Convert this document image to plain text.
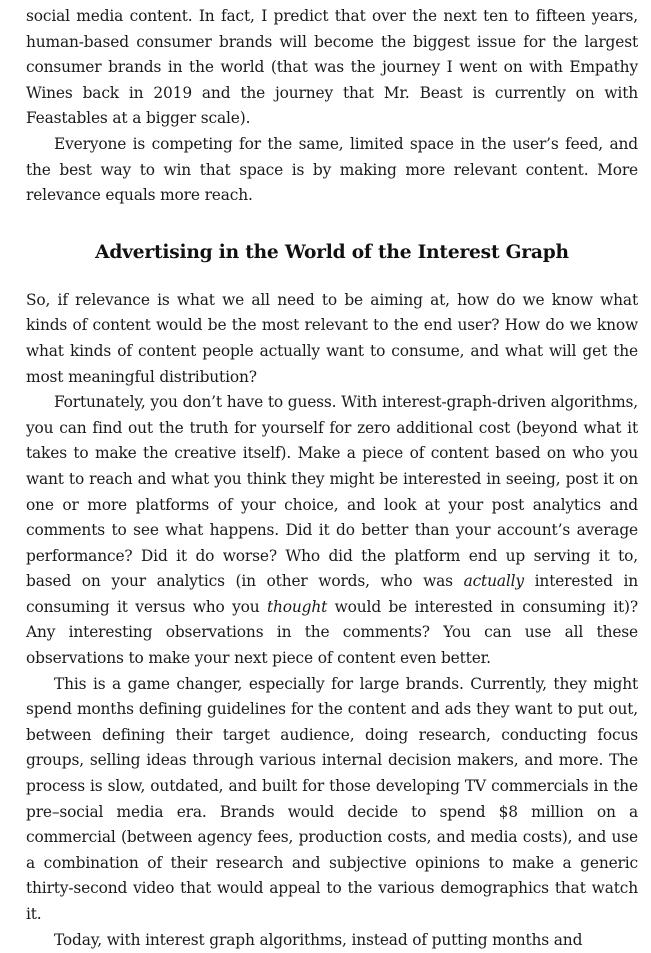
social media content. In fact, I predict that over the next ten to fifteen years, human-based consumer brands will become the biggest issue for the largest consumer brands in the world (that was the journey I went on with Empathy Wines back in 2019 and the journey that Mr. Beast is currently on with Feastables at a bigger scale).

Everyone is competing for the same, limited space in the user’s feed, and the best way to win that space is by making more relevant content. More relevance equals more reach.

Advertising in the World of the Interest Graph

So, if relevance is what we all need to be aiming at, how do we know what kinds of content would be the most relevant to the end user? How do we know what kinds of content people actually want to consume, and what will get the most meaningful distribution?

Fortunately, you don’t have to guess. With interest-graph-driven algorithms, you can find out the truth for yourself for zero additional cost (beyond what it takes to make the creative itself). Make a piece of content based on who you want to reach and what you think they might be interested in seeing, post it on one or more platforms of your choice, and look at your post analytics and comments to see what happens. Did it do better than your account’s average performance? Did it do worse? Who did the platform end up serving it to, based on your analytics (in other words, who was actually interested in consuming it versus who you thought would be interested in consuming it)? Any interesting observations in the comments? You can use all these observations to make your next piece of content even better.

This is a game changer, especially for large brands. Currently, they might spend months defining guidelines for the content and ads they want to put out, between defining their target audience, doing research, conducting focus groups, selling ideas through various internal decision makers, and more. The process is slow, outdated, and built for those developing TV commercials in the pre–social media era. Brands would decide to spend $8 million on a commercial (between agency fees, production costs, and media costs), and use a combination of their research and subjective opinions to make a generic thirty-second video that would appeal to the various demographics that watch it.

Today, with interest graph algorithms, instead of putting months and
